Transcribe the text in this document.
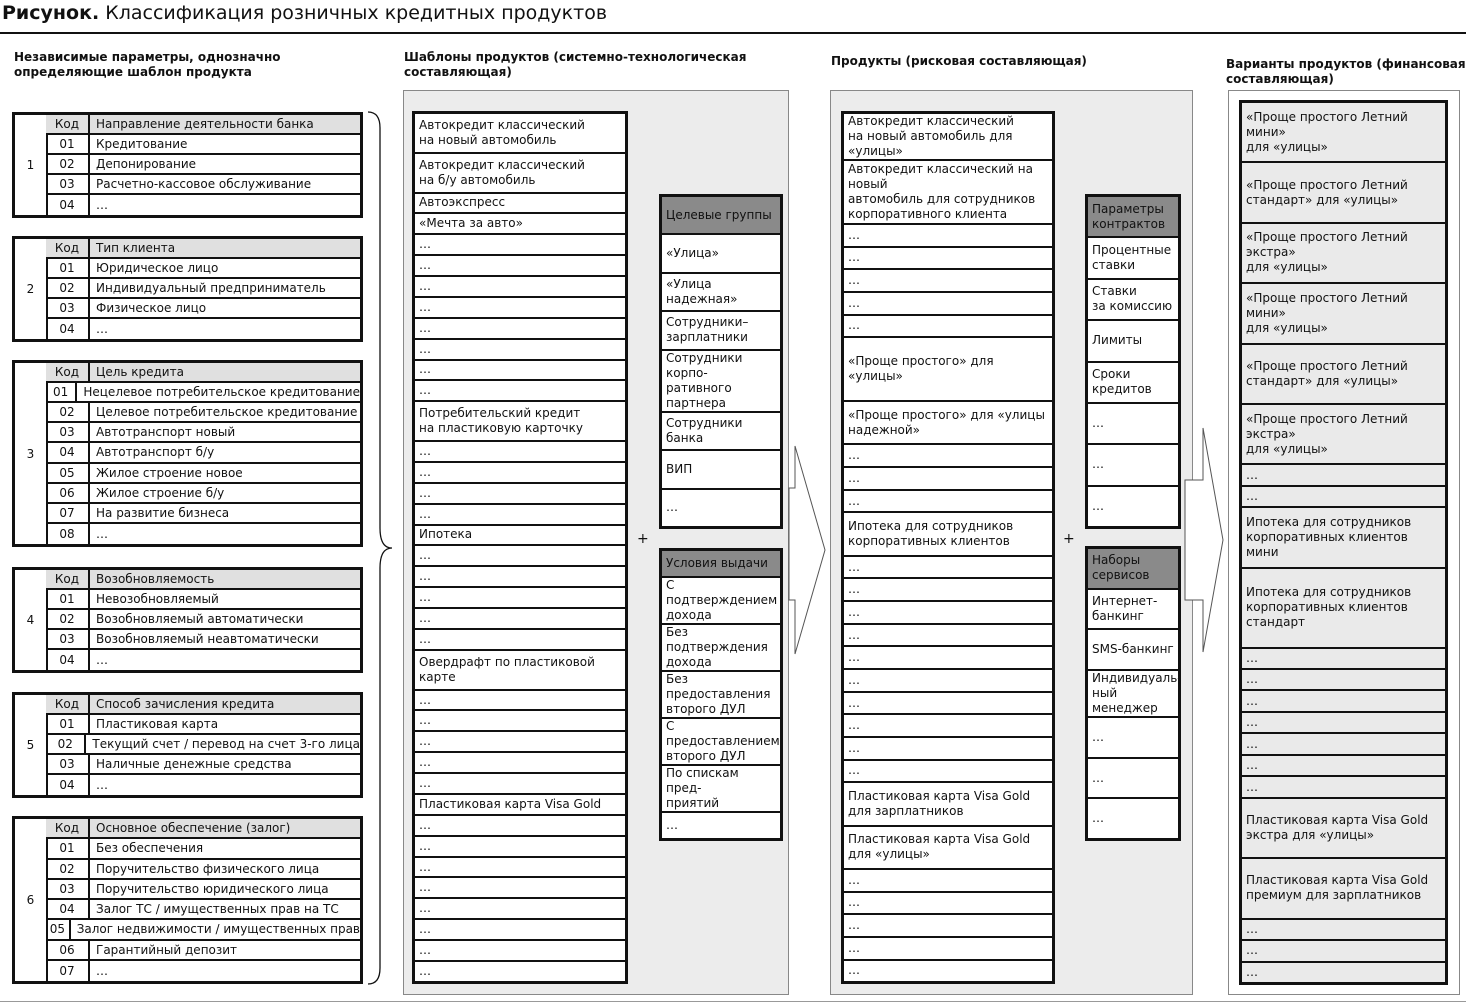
Рисунок. Классификация розничных кредитных продуктов
Независимые параметры, однозначно
определяющие шаблон продукта
Шаблоны продуктов (системно-технологическая
составляющая)
Продукты (рисковая составляющая)	Варианты продуктов (финансовая
составляющая)
1
Код	Направление деятельности банка
01	Кредитование
02	Депонирование
03	Расчетно-кассовое обслуживание
04	…
2
Код	Тип клиента
01	Юридическое лицо
02	Индивидуальный предприниматель
03	Физическое лицо
04	…
3
Код	Цель кредита
01	Нецелевое потребительское кредитование
02	Целевое потребительское кредитование
03	Автотранспорт новый
04	Автотранспорт б/у
05	Жилое строение новое
06	Жилое строение б/у
07	На развитие бизнеса
08	…
4
Код	Возобновляемость
01	Невозобновляемый
02	Возобновляемый автоматически
03	Возобновляемый неавтоматически
04	…
5
Код	Способ зачисления кредита
01	Пластиковая карта
02	Текущий счет / перевод на счет 3-го лица
03	Наличные денежные средства
04	…
6
Код	Основное обеспечение (залог)
01	Без обеспечения
02	Поручительство физического лица
03	Поручительство юридического лица
04	Залог ТС / имущественных прав на ТС
05 Залог недвижимости / имущественных прав
06	Гарантийный депозит
07	…
Автокредит классический
на новый автомобиль
Автокредит классический
на б/у автомобиль
Автоэкспресс
«Мечта за авто»
…
…
…
…
…
…
…
…
Потребительский кредит
на пластиковую карточку
…
…
…
…
Ипотека
…
…
…
…
…
Овердрафт по пластиковой карте
…
…
…
…
…
Пластиковая карта Visa Gold
…
…
…
…
…
…
…
…
Целевые группы
«Улица»
«Улица надежная»
Сотрудники–
зарплатники
Сотрудники корпо-
ративного партнера
Сотрудники банка
ВИП
…
Условия выдачи
С подтверждением
дохода
Без подтверждения
дохода
Без предоставления
второго ДУЛ
С предоставлением
второго ДУЛ
По спискам пред-
приятий
…
Автокредит классический
на новый автомобиль для «улицы»
Автокредит классический на новый
автомобиль для сотрудников
корпоративного клиента
…
…
…
…
…
«Проще простого» для «улицы»
«Проще простого» для «улицы
надежной»
…
…
…
Ипотека для сотрудников
корпоративных клиентов
…
…
…
…
…
…
…
…
…
…
Пластиковая карта Visa Gold
для зарплатников
Пластиковая карта Visa Gold
для «улицы»
…
…
…
…
…
Параметры
контрактов
Процентные
ставки
Ставки
за комиссию
Лимиты
Сроки
кредитов
…
…
…
Наборы
сервисов
Интернет-
банкинг
SMS-банкинг
Индивидуаль-
ный менеджер
…
…
…
«Проще простого Летний мини»
для «улицы»
«Проще простого Летний
стандарт» для «улицы»
«Проще простого Летний экстра»
для «улицы»
«Проще простого Летний мини»
для «улицы»
«Проще простого Летний
стандарт» для «улицы»
«Проще простого Летний экстра»
для «улицы»
…
…
Ипотека для сотрудников
корпоративных клиентов мини
Ипотека для сотрудников
корпоративных клиентов
стандарт
…
…
…
…
…
…
…
Пластиковая карта Visa Gold
экстра для «улицы»
Пластиковая карта Visa Gold
премиум для зарплатников
…
…
…
+	+
